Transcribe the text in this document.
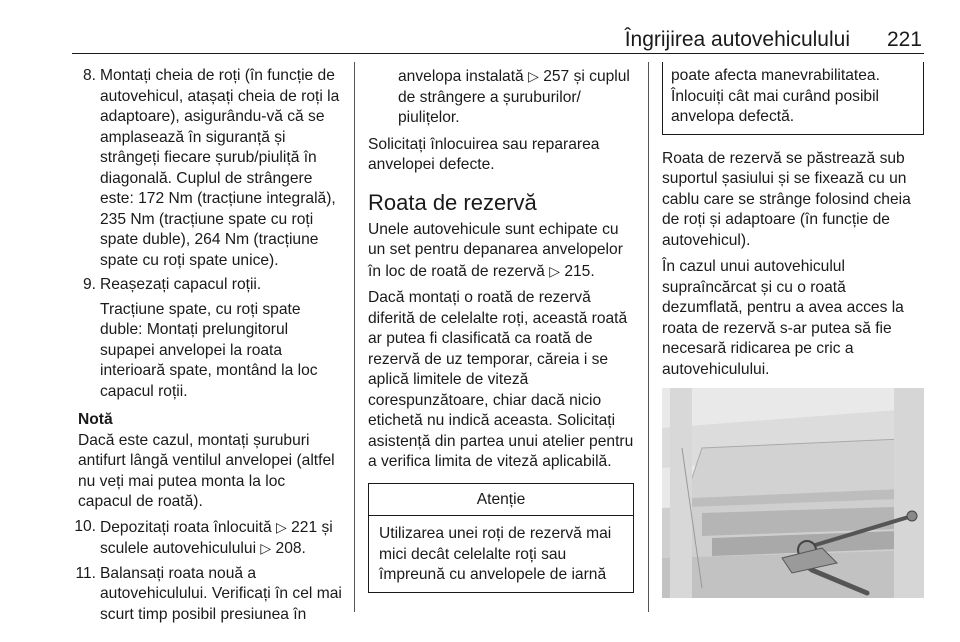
Îngrijirea autovehiculului 221
8. Montați cheia de roți (în funcție de autovehicul, atașați cheia de roți la adaptoare), asigurându-vă că se amplasează în siguranță și strângeți fiecare șurub/piuliță în diagonală. Cuplul de strângere este: 172 Nm (tracțiune integrală), 235 Nm (tracțiune spate cu roți spate duble), 264 Nm (tracțiune spate cu roți spate unice).
9. Reașezați capacul roții.
Tracțiune spate, cu roți spate duble: Montați prelungitorul supapei anvelopei la roata interioară spate, montând la loc capacul roții.
Notă
Dacă este cazul, montați șuruburi antifurt lângă ventilul anvelopei (altfel nu veți mai putea monta la loc capacul de roată).
10. Depozitați roata înlocuită ▷ 221 și sculele autovehiculului ▷ 208.
11. Balansați roata nouă a autovehiculului. Verificați în cel mai scurt timp posibil presiunea în
anvelopa instalată ▷ 257 și cuplul de strângere a șuruburilor/ piulițelor.

Solicitați înlocuirea sau repararea anvelopei defecte.

Roata de rezervă

Unele autovehicule sunt echipate cu un set pentru depanarea anvelopelor în loc de roată de rezervă ▷ 215.

Dacă montați o roată de rezervă diferită de celelalte roți, această roată ar putea fi clasificată ca roată de rezervă de uz temporar, căreia i se aplică limitele de viteză corespunzătoare, chiar dacă nicio etichetă nu indică aceasta. Solicitați asistență din partea unui atelier pentru a verifica limita de viteză aplicabilă.

Atenție
Utilizarea unei roți de rezervă mai mici decât celelalte roți sau împreună cu anvelopele de iarnă
poate afecta manevrabilitatea. Înlocuiți cât mai curând posibil anvelopa defectă.

Roata de rezervă se păstrează sub suportul șasiului și se fixează cu un cablu care se strânge folosind cheia de roți și adaptoare (în funcție de autovehicul).

În cazul unui autovehiculul supraîncărcat și cu o roată dezumflată, pentru a avea acces la roata de rezervă s-ar putea să fie necesară ridicarea pe cric a autovehiculului.
